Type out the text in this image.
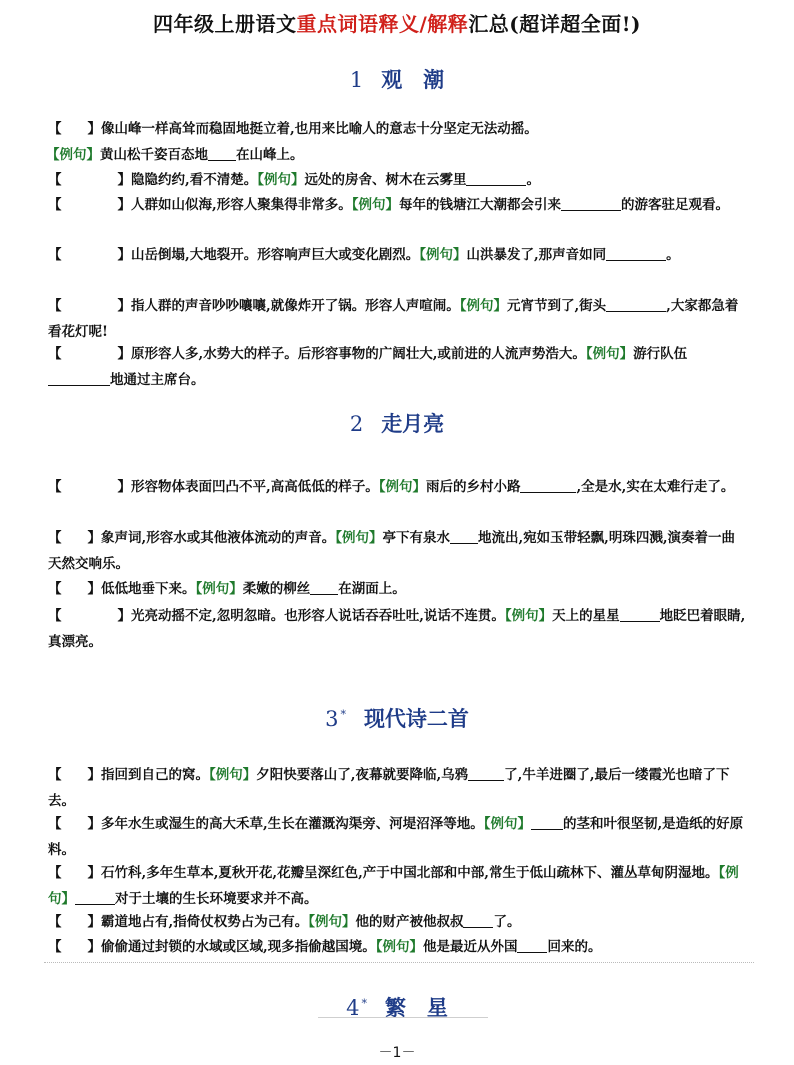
四年级上册语文重点词语释义/解释汇总(超详超全面!)
1 观　潮
【 】像山峰一样高耸而稳固地挺立着,也用来比喻人的意志十分坚定无法动摇。
【例句】黄山松千姿百态地 在山峰上。
【	】隐隐约约,看不清楚。【例句】远处的房舍、树木在云雾里	。
【	】人群如山似海,形容人聚集得非常多。【例句】每年的钱塘江大潮都会引来	的游客驻足观看。
【	】山岳倒塌,大地裂开。形容响声巨大或变化剧烈。【例句】山洪暴发了,那声音如同	。
【	】指人群的声音吵吵嚷嚷,就像炸开了锅。形容人声喧闹。【例句】元宵节到了,街头	,大家都急着看花灯呢!
【	】原形容人多,水势大的样子。后形容事物的广阔壮大,或前进的人流声势浩大。【例句】游行队伍地通过主席台。
2 走月亮
【	】形容物体表面凹凸不平,高高低低的样子。【例句】雨后的乡村小路	,全是水,实在太难行走了。
【 】象声词,形容水或其他液体流动的声音。【例句】亭下有泉水 地流出,宛如玉带轻飘,明珠四溅,演奏着一曲天然交响乐。
【 】低低地垂下来。【例句】柔嫩的柳丝 在湖面上。
【	】光亮动摇不定,忽明忽暗。也形容人说话吞吞吐吐,说话不连贯。【例句】天上的星星	地眨巴着眼睛,真漂亮。
3 * 现代诗二首
【 】指回到自己的窝。【例句】夕阳快要落山了,夜幕就要降临,乌鸦	了,牛羊进圈了,最后一缕霞光也暗了下去。
【 】多年水生或湿生的高大禾草,生长在灌溉沟渠旁、河堤沼泽等地。【例句】 的茎和叶很坚韧,是造纸的好原料。
【 】石竹科,多年生草本,夏秋开花,花瓣呈深红色,产于中国北部和中部,常生于低山疏林下、灌丛草甸阴湿地。【例句】	对于土壤的生长环境要求并不高。
【 】霸道地占有,指倚仗权势占为己有。【例句】他的财产被他叔叔 了。
【 】偷偷通过封锁的水域或区域,现多指偷越国境。【例句】他是最近从外国 回来的。
4 * 繁　星
－1－
